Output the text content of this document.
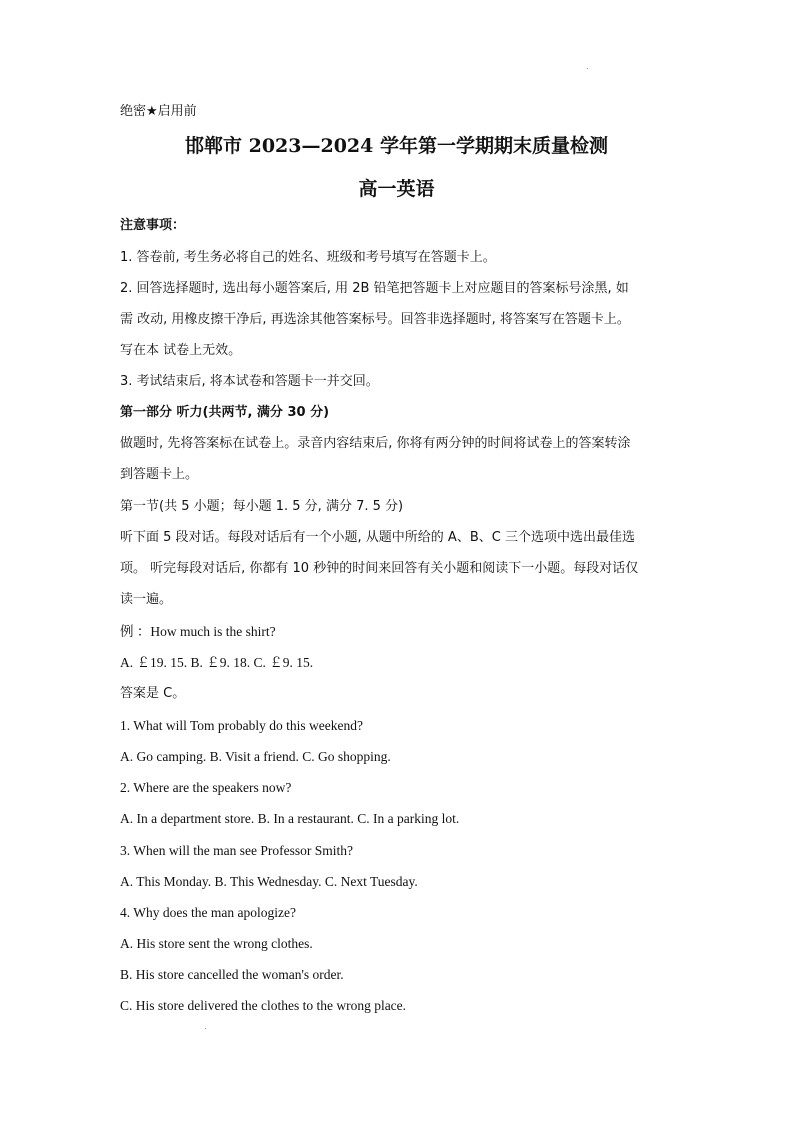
绝密★启用前
邯郸市 2023—2024 学年第一学期期末质量检测
高一英语
注意事项：
1. 答卷前, 考生务必将自己的姓名、班级和考号填写在答题卡上。
2. 回答选择题时, 选出每小题答案后, 用 2B 铅笔把答题卡上对应题目的答案标号涂黑, 如
需 改动, 用橡皮擦干净后, 再选涂其他答案标号。回答非选择题时, 将答案写在答题卡上。
写在本 试卷上无效。
3. 考试结束后, 将本试卷和答题卡一并交回。
第一部分 听力(共两节, 满分 30 分)
做题时, 先将答案标在试卷上。录音内容结束后, 你将有两分钟的时间将试卷上的答案转涂
到答题卡上。
第一节(共 5 小题；每小题 1. 5 分, 满分 7. 5 分)
听下面 5 段对话。每段对话后有一个小题, 从题中所给的 A、B、C 三个选项中选出最佳选
项。 听完每段对话后, 你都有 10 秒钟的时间来回答有关小题和阅读下一小题。每段对话仅
读一遍。
例 ：How much is the shirt?
A. ￡19. 15. B. ￡9. 18. C. ￡9. 15.
答案是 C。
1. What will Tom probably do this weekend?
A. Go camping. B. Visit a friend. C. Go shopping.
2. Where are the speakers now?
A. In a department store. B. In a restaurant. C. In a parking lot.
3. When will the man see Professor Smith?
A. This Monday. B. This Wednesday. C. Next Tuesday.
4. Why does the man apologize?
A. His store sent the wrong clothes.
B. His store cancelled the woman's order.
C. His store delivered the clothes to the wrong place.
